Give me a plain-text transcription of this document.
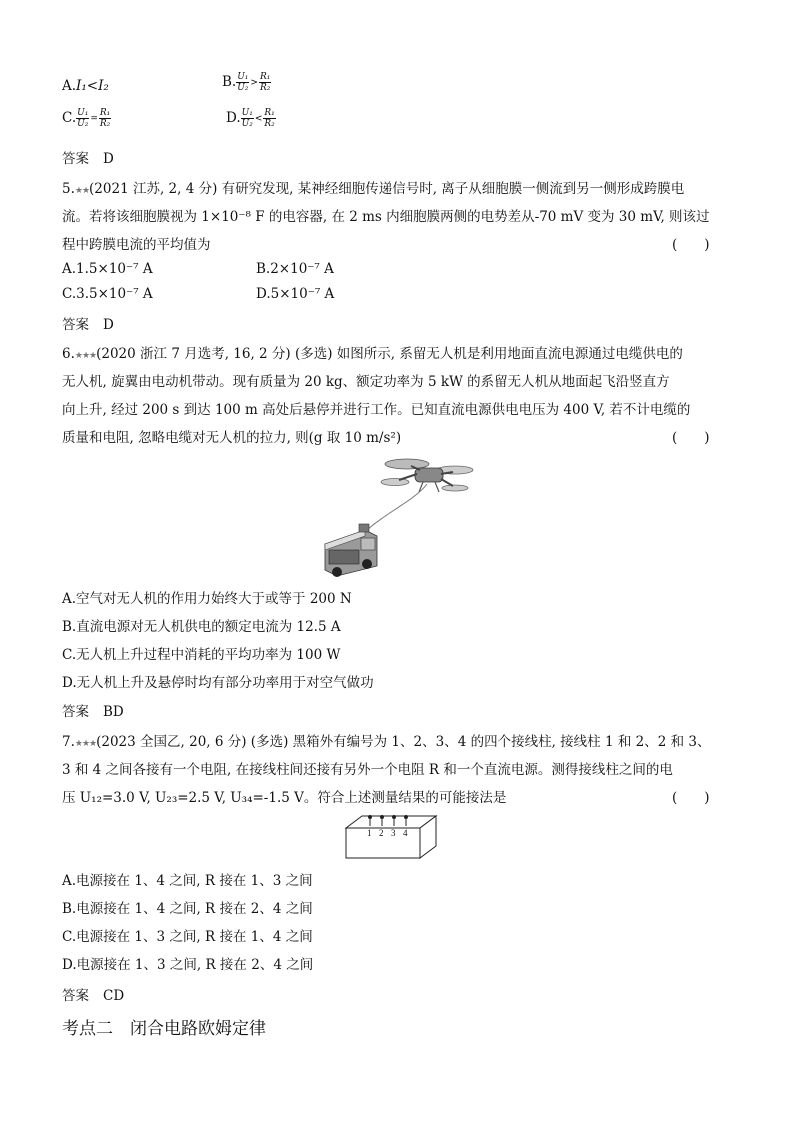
A.I₁<I₂	B. $\frac{\text{U₁}}{\text{U₂}} > \frac{\text{R₁}}{\text{R₂}}$
C. $\frac{\text{U₁}}{\text{U₂}} = \frac{\text{R₁}}{\text{R₂}}$	D. $\frac{\text{U₁}}{\text{U₂}} < \frac{\text{R₁}}{\text{R₂}}$
答案 D
5.★★(2021 江苏, 2, 4 分) 有研究发现, 某神经细胞传递信号时, 离子从细胞膜一侧流到另一侧形成跨膜电
流。若将该细胞膜视为 1×10⁻⁸ F 的电容器, 在 2 ms 内细胞膜两侧的电势差从-70 mV 变为 30 mV, 则该过
程中跨膜电流的平均值为	(　　)
A.1.5×10⁻⁷ A	B.2×10⁻⁷ A
C.3.5×10⁻⁷ A	D.5×10⁻⁷ A
答案 D
6.★★★(2020 浙江 7 月选考, 16, 2 分) (多选) 如图所示, 系留无人机是利用地面直流电源通过电缆供电的
无人机, 旋翼由电动机带动。现有质量为 20 kg、额定功率为 5 kW 的系留无人机从地面起飞沿竖直方
向上升, 经过 200 s 到达 100 m 高处后悬停并进行工作。已知直流电源供电电压为 400 V, 若不计电缆的
质量和电阻, 忽略电缆对无人机的拉力, 则(g 取 10 m/s²)	(　　)
A.空气对无人机的作用力始终大于或等于 200 N
B.直流电源对无人机供电的额定电流为 12.5 A
C.无人机上升过程中消耗的平均功率为 100 W
D.无人机上升及悬停时均有部分功率用于对空气做功
答案 BD
7.★★★(2023 全国乙, 20, 6 分) (多选) 黑箱外有编号为 1、2、3、4 的四个接线柱, 接线柱 1 和 2、2 和 3、
3 和 4 之间各接有一个电阻, 在接线柱间还接有另外一个电阻 R 和一个直流电源。测得接线柱之间的电
压 U₁₂=3.0 V, U₂₃=2.5 V, U₃₄=-1.5 V。符合上述测量结果的可能接法是	(　　)
1 2 3 4
A.电源接在 1、4 之间, R 接在 1、3 之间
B.电源接在 1、4 之间, R 接在 2、4 之间
C.电源接在 1、3 之间, R 接在 1、4 之间
D.电源接在 1、3 之间, R 接在 2、4 之间
答案 CD
考点二　闭合电路欧姆定律
